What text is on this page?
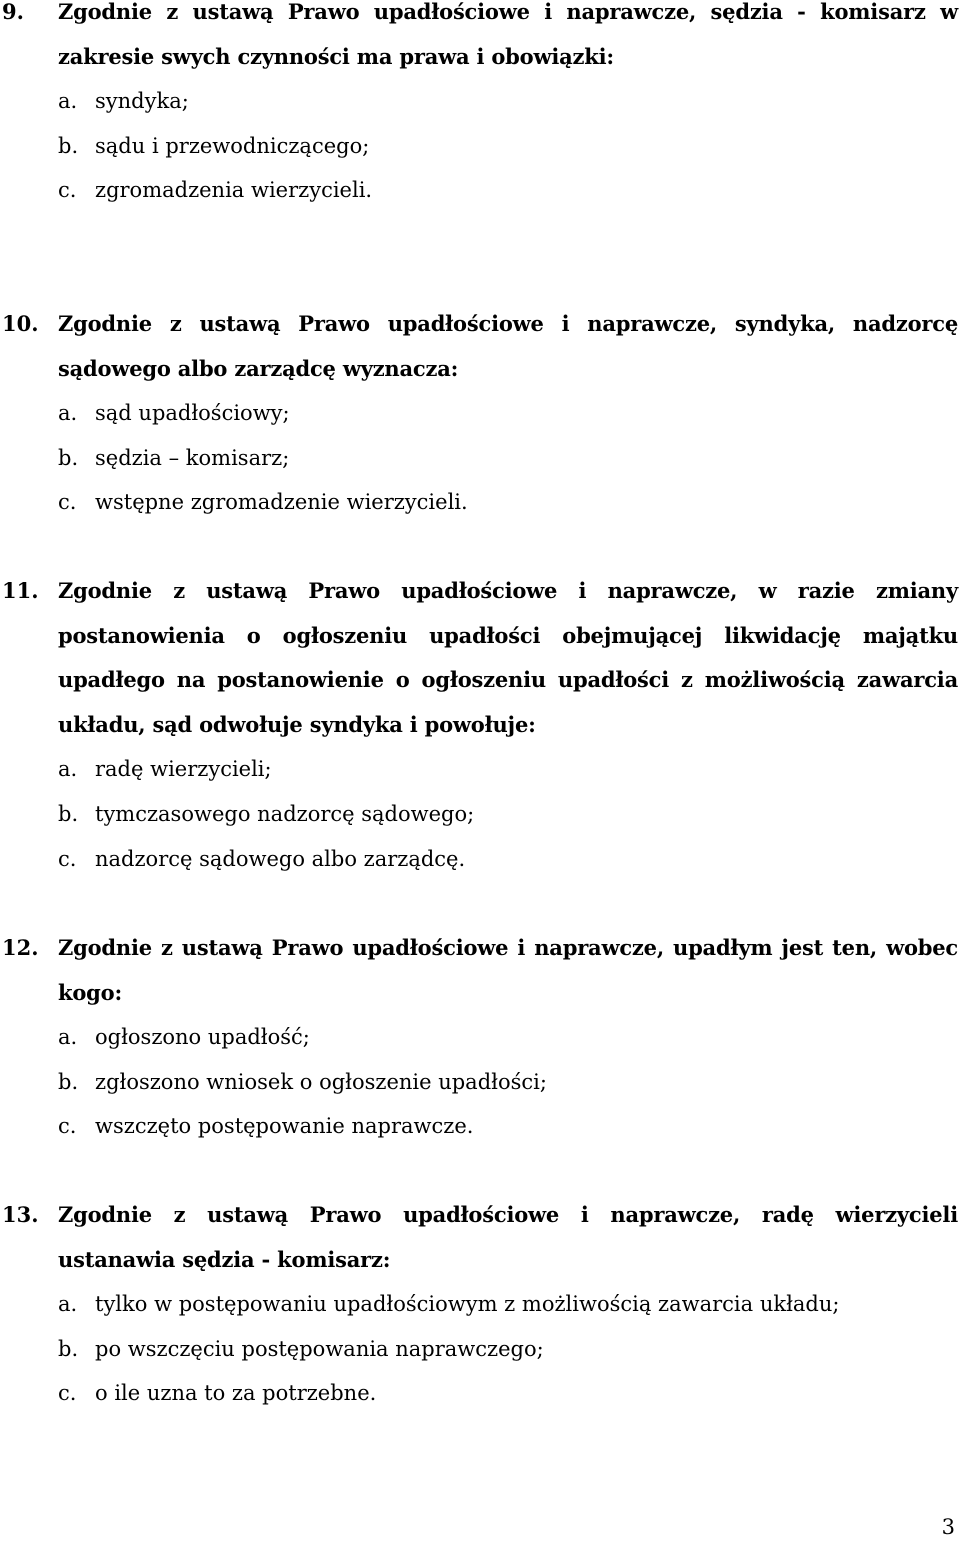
9. Zgodnie z ustawą Prawo upadłościowe i naprawcze, sędzia - komisarz w zakresie swych czynności ma prawa i obowiązki:
a. syndyka;
b. sądu i przewodniczącego;
c. zgromadzenia wierzycieli.
10. Zgodnie z ustawą Prawo upadłościowe i naprawcze, syndyka, nadzorcę sądowego albo zarządcę wyznacza:
a. sąd upadłościowy;
b. sędzia – komisarz;
c. wstępne zgromadzenie wierzycieli.
11. Zgodnie z ustawą Prawo upadłościowe i naprawcze, w razie zmiany postanowienia o ogłoszeniu upadłości obejmującej likwidację majątku upadłego na postanowienie o ogłoszeniu upadłości z możliwością zawarcia układu, sąd odwołuje syndyka i powołuje:
a. radę wierzycieli;
b. tymczasowego nadzorcę sądowego;
c. nadzorcę sądowego albo zarządcę.
12. Zgodnie z ustawą Prawo upadłościowe i naprawcze, upadłym jest ten, wobec kogo:
a. ogłoszono upadłość;
b. zgłoszono wniosek o ogłoszenie upadłości;
c. wszczęto postępowanie naprawcze.
13. Zgodnie z ustawą Prawo upadłościowe i naprawcze, radę wierzycieli ustanawia sędzia - komisarz:
a. tylko w postępowaniu upadłościowym z możliwością zawarcia układu;
b. po wszczęciu postępowania naprawczego;
c. o ile uzna to za potrzebne.
3
